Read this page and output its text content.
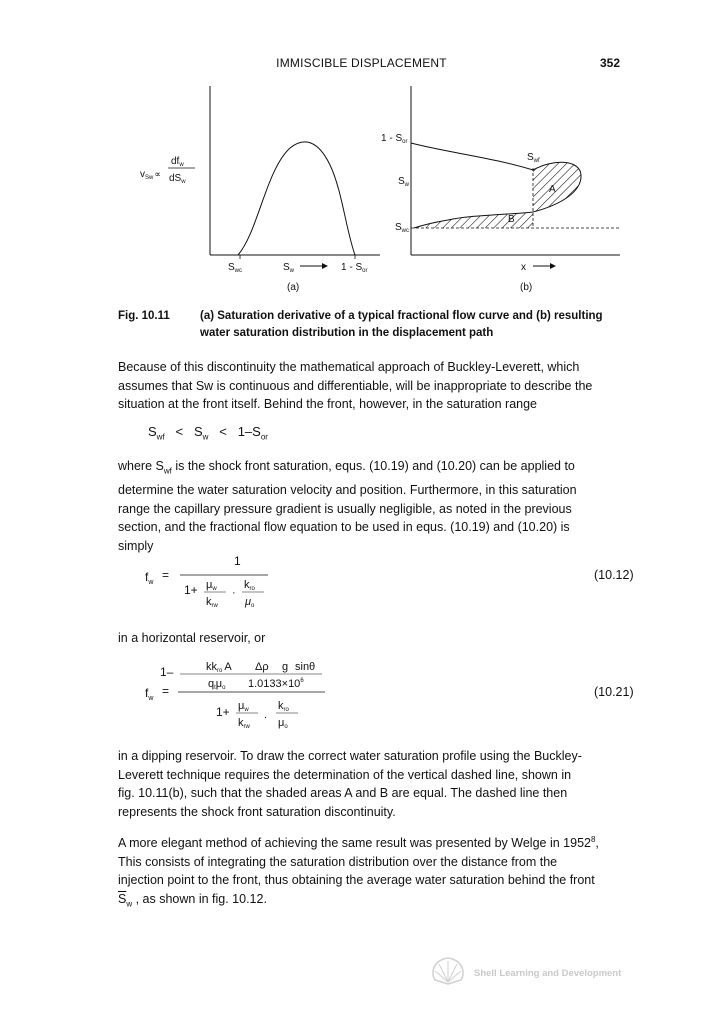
IMMISCIBLE DISPLACEMENT	352
$v_{Sw}\propto$
$df_w$
$dS_w$
$S_{wc}$	$S_w$	$1 - S_{or}$
(a)
$1 - S_{or}$
$S_w$
$S_{wc}$
$S_{wf}$
A
B
x
(b)
Fig. 10.11	(a) Saturation derivative of a typical fractional flow curve and (b) resulting
water saturation distribution in the displacement path
Because of this discontinuity the mathematical approach of Buckley-Leverett, which
assumes that Sw is continuous and differentiable, will be inappropriate to describe the
situation at the front itself. Behind the front, however, in the saturation range
$S_{wf} < S_w < 1-S_{or}$
where $S_{wf}$ is the shock front saturation, equs. (10.19) and (10.20) can be applied to
determine the water saturation velocity and position. Furthermore, in this saturation
range the capillary pressure gradient is usually negligible, as noted in the previous
section, and the fractional flow equation to be used in equs. (10.19) and (10.20) is
simply
$f_w$
=
1
1+ μw
krw
·
kro
μo
(10.12)
in a horizontal reservoir, or
1–	kkro A Δρ g sinθ
qtμo $1.0133\times 10^6$
$f_w$
=
1+ μw
krw
.
kro
μo
(10.21)
in a dipping reservoir. To draw the correct water saturation profile using the Buckley-
Leverett technique requires the determination of the vertical dashed line, shown in
fig. 10.11(b), such that the shaded areas A and B are equal. The dashed line then
represents the shock front saturation discontinuity.
A more elegant method of achieving the same result was presented by Welge in 1952$^8$,
This consists of integrating the saturation distribution over the distance from the
injection point to the front, thus obtaining the average water saturation behind the front
$\overline{S}_w$ , as shown in fig. 10.12.
Shell Learning and Development
